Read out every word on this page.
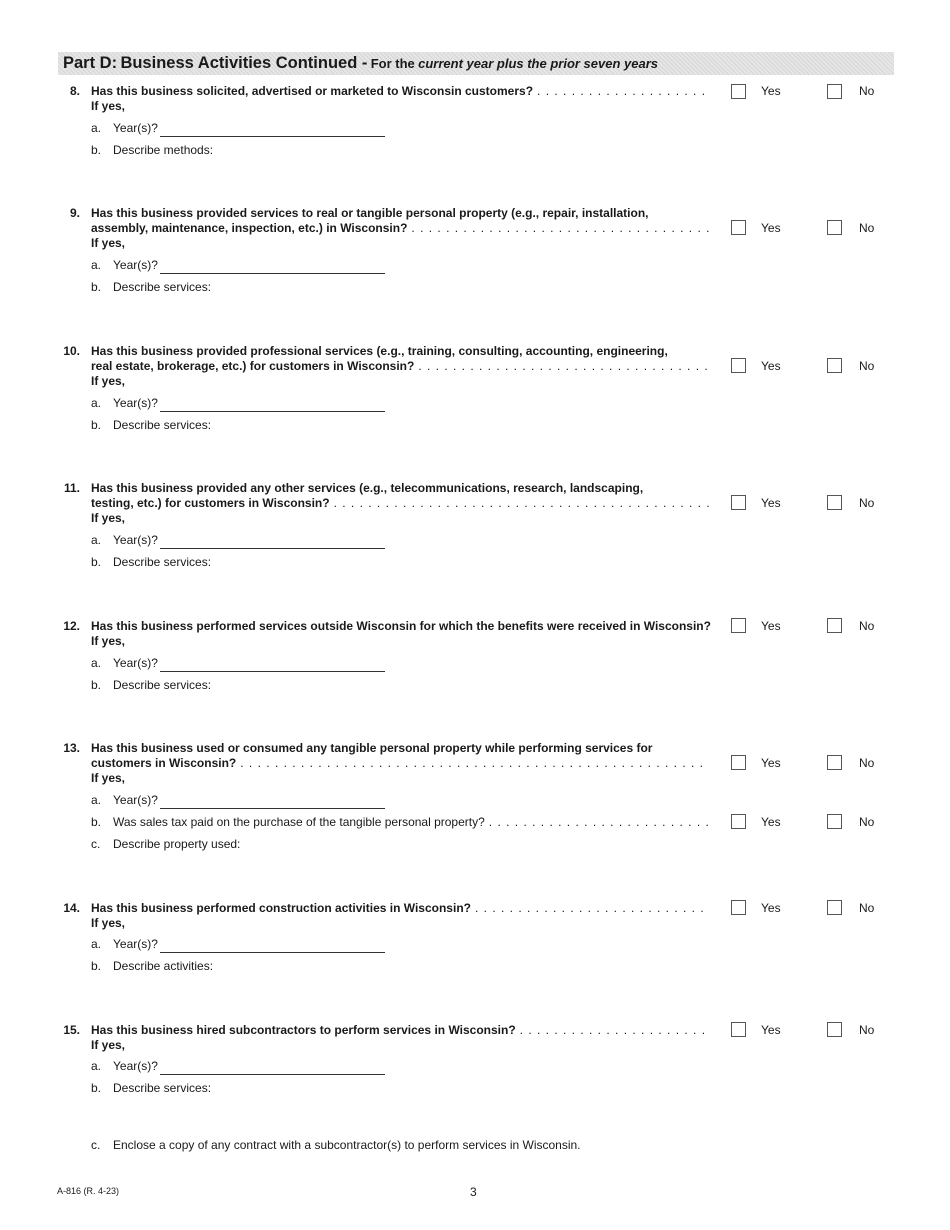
Part D: Business Activities Continued - For the current year plus the prior seven years
8. Has this business solicited, advertised or marketed to Wisconsin customers?
. . .
If yes,
Yes	No
a. Year(s)?
b. Describe methods:
9. Has this business provided services to real or tangible personal property (e.g., repair, installation,
assembly, maintenance, inspection, etc.) in Wisconsin?
. . .
If yes,
Yes	No
a. Year(s)?
b. Describe services:
10. Has this business provided professional services (e.g., training, consulting, accounting, engineering,
real estate, brokerage, etc.) for customers in Wisconsin?
. . .
If yes,
Yes	No
a. Year(s)?
b. Describe services:
11. Has this business provided any other services (e.g., telecommunications, research, landscaping,
testing, etc.) for customers in Wisconsin?
. . .
If yes,
Yes	No
a. Year(s)?
b. Describe services:
12. Has this business performed services outside Wisconsin for which the benefits were received in Wisconsin?
If yes,
Yes	No
a. Year(s)?
b. Describe services:
13. Has this business used or consumed any tangible personal property while performing services for
customers in Wisconsin?
. . .
If yes,
Yes	No
a. Year(s)?
b. Was sales tax paid on the purchase of the tangible personal property?
. . .	Yes	No
c. Describe property used:
14. Has this business performed construction activities in Wisconsin?
. . .
If yes,
Yes	No
a. Year(s)?
b. Describe activities:
15. Has this business hired subcontractors to perform services in Wisconsin?
. . .
If yes,
Yes	No
a. Year(s)?
b. Describe services:
c. Enclose a copy of any contract with a subcontractor(s) to perform services in Wisconsin.
A-816 (R. 4-23)	3
